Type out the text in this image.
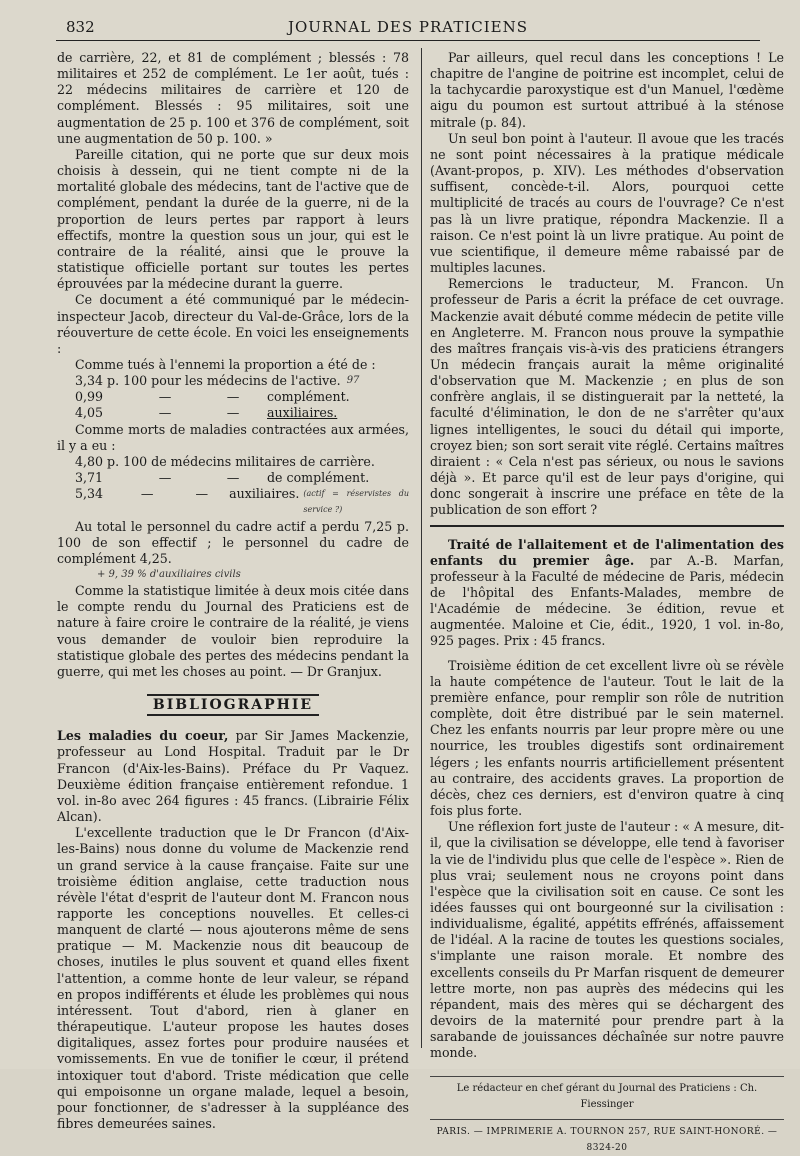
832	JOURNAL DES PRATICIENS

de carrière, 22, et 81 de complément ; blessés : 78 militaires et 252 de complément. Le 1er août, tués : 22 médecins militaires de carrière et 120 de complément. Blessés : 95 militaires, soit une augmentation de 25 p. 100 et 376 de complément, soit une augmentation de 50 p. 100. »

Pareille citation, qui ne porte que sur deux mois choisis à dessein, qui ne tient compte ni de la mortalité globale des médecins, tant de l'active que de complément, pendant la durée de la guerre, ni de la proportion de leurs pertes par rapport à leurs effectifs, montre la question sous un jour, qui est le contraire de la réalité, ainsi que le prouve la statistique officielle portant sur toutes les pertes éprouvées par la médecine durant la guerre.

Ce document a été communiqué par le médecin-inspecteur Jacob, directeur du Val-de-Grâce, lors de la réouverture de cette école. En voici les enseignements :

Comme tués à l'ennemi la proportion a été de :

3,34 p. 100 pour les médecins de l'active. 97
0,99	—	—	complément.
4,05	—	—	auxiliaires.

Comme morts de maladies contractées aux armées, il y a eu :

4,80 p. 100 de médecins militaires de carrière.
3,71	—	—	de complément.
5,34	—	—	auxiliaires. (actif = réservistes du service ?)

Au total le personnel du cadre actif a perdu 7,25 p. 100 de son effectif ; le personnel du cadre de complément 4,25.

+ 9, 39 % d'auxiliaires civils

Comme la statistique limitée à deux mois citée dans le compte rendu du Journal des Praticiens est de nature à faire croire le contraire de la réalité, je viens vous demander de vouloir bien reproduire la statistique globale des pertes des médecins pendant la guerre, qui met les choses au point. — Dr Granjux.

BIBLIOGRAPHIE

Les maladies du coeur, par Sir James Mackenzie, professeur au Lond Hospital. Traduit par le Dr Francon (d'Aix-les-Bains). Préface du Pr Vaquez. Deuxième édition française entièrement refondue. 1 vol. in-8o avec 264 figures : 45 francs. (Librairie Félix Alcan).

L'excellente traduction que le Dr Francon (d'Aix-les-Bains) nous donne du volume de Mackenzie rend un grand service à la cause française. Faite sur une troisième édition anglaise, cette traduction nous révèle l'état d'esprit de l'auteur dont M. Francon nous rapporte les conceptions nouvelles. Et celles-ci manquent de clarté — nous ajouterons même de sens pratique — M. Mackenzie nous dit beaucoup de choses, inutiles le plus souvent et quand elles fixent l'attention, a comme honte de leur valeur, se répand en propos indifférents et élude les problèmes qui nous intéressent. Tout d'abord, rien à glaner en thérapeutique. L'auteur propose les hautes doses digitaliques, assez fortes pour produire nausées et vomissements. En vue de tonifier le cœur, il prétend intoxiquer tout d'abord. Triste médication que celle qui empoisonne un organe malade, lequel a besoin, pour fonctionner, de s'adresser à la suppléance des fibres demeurées saines.

Par ailleurs, quel recul dans les conceptions ! Le chapitre de l'angine de poitrine est incomplet, celui de la tachycardie paroxystique est d'un Manuel, l'œdème aigu du poumon est surtout attribué à la sténose mitrale (p. 84).

Un seul bon point à l'auteur. Il avoue que les tracés ne sont point nécessaires à la pratique médicale (Avant-propos, p. XIV). Les méthodes d'observation suffisent, concède-t-il. Alors, pourquoi cette multiplicité de tracés au cours de l'ouvrage? Ce n'est pas là un livre pratique, répondra Mackenzie. Il a raison. Ce n'est point là un livre pratique. Au point de vue scientifique, il demeure même rabaissé par de multiples lacunes.

Remercions le traducteur, M. Francon. Un professeur de Paris a écrit la préface de cet ouvrage. Mackenzie avait débuté comme médecin de petite ville en Angleterre. M. Francon nous prouve la sympathie des maîtres français vis-à-vis des praticiens étrangers Un médecin français aurait la même originalité d'observation que M. Mackenzie ; en plus de son confrère anglais, il se distinguerait par la netteté, la faculté d'élimination, le don de ne s'arrêter qu'aux lignes intelligentes, le souci du détail qui importe, croyez bien; son sort serait vite réglé. Certains maîtres diraient : « Cela n'est pas sérieux, ou nous le savions déjà ». Et parce qu'il est de leur pays d'origine, qui donc songerait à inscrire une préface en tête de la publication de son effort ?

Traité de l'allaitement et de l'alimentation des enfants du premier âge. par A.-B. Marfan, professeur à la Faculté de médecine de Paris, médecin de l'hôpital des Enfants-Malades, membre de l'Académie de médecine. 3e édition, revue et augmentée. Maloine et Cie, édit., 1920, 1 vol. in-8o, 925 pages. Prix : 45 francs.

Troisième édition de cet excellent livre où se révèle la haute compétence de l'auteur. Tout le lait de la première enfance, pour remplir son rôle de nutrition complète, doit être distribué par le sein maternel. Chez les enfants nourris par leur propre mère ou une nourrice, les troubles digestifs sont ordinairement légers ; les enfants nourris artificiellement présentent au contraire, des accidents graves. La proportion de décès, chez ces derniers, est d'environ quatre à cinq fois plus forte.

Une réflexion fort juste de l'auteur : « A mesure, dit-il, que la civilisation se développe, elle tend à favoriser la vie de l'individu plus que celle de l'espèce ». Rien de plus vrai; seulement nous ne croyons point dans l'espèce que la civilisation soit en cause. Ce sont les idées fausses qui ont bourgeonné sur la civilisation : individualisme, égalité, appétits effrénés, affaissement de l'idéal. A la racine de toutes les questions sociales, s'implante une raison morale. Et nombre des excellents conseils du Pr Marfan risquent de demeurer lettre morte, non pas auprès des médecins qui les répandent, mais des mères qui se déchargent des devoirs de la maternité pour prendre part à la sarabande de jouissances déchaînée sur notre pauvre monde.

Le rédacteur en chef gérant du Journal des Praticiens : Ch. Fiessinger
PARIS. — IMPRIMERIE A. TOURNON 257, RUE SAINT-HONORÉ. — 8324-20
